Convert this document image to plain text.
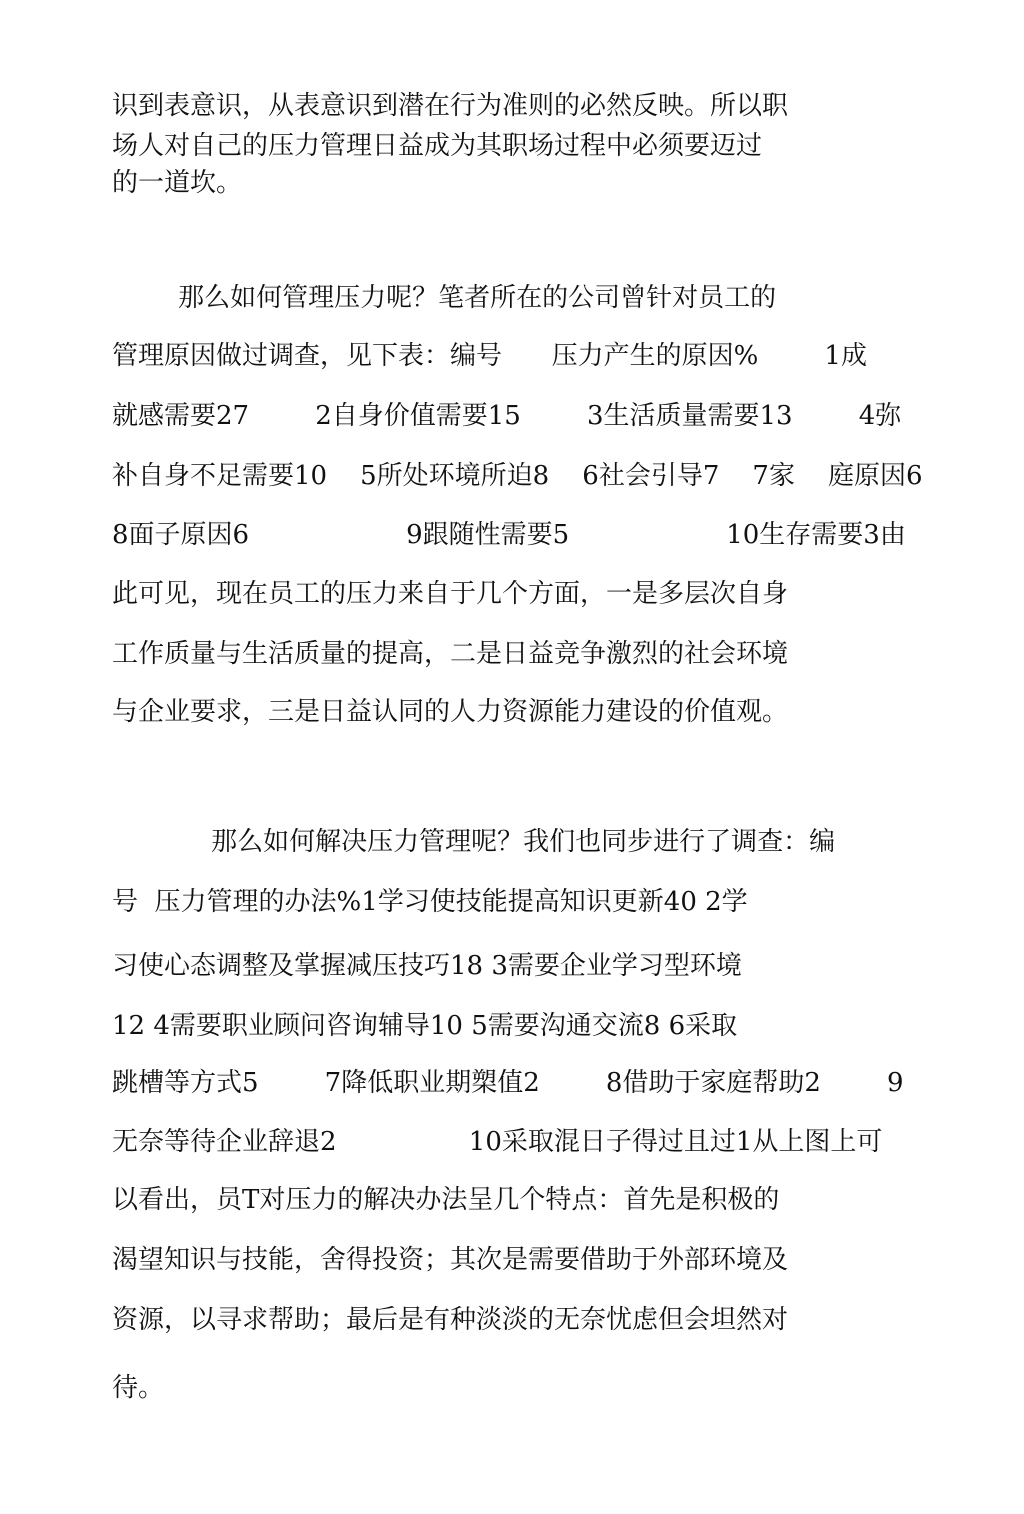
识到表意识，从表意识到潜在行为准则的必然反映。所以职

场人对自己的压力管理日益成为其职场过程中必须要迈过

的一道坎。

那么如何管理压力呢？笔者所在的公司曾针对员工的

管理原因做过调查，见下表：编号      压力产生的原因%        1成

就感需要27        2自身价值需要15        3生活质量需要13        4弥

补自身不足需要10    5所处环境所迫8    6社会引导7    7家    庭原因6

8面子原因6                   9跟随性需要5                   10生存需要3由

此可见，现在员工的压力来自于几个方面，一是多层次自身

工作质量与生活质量的提高，二是日益竞争激烈的社会环境

与企业要求，三是日益认同的人力资源能力建设的价值观。

那么如何解决压力管理呢？我们也同步进行了调查：编

号  压力管理的办法%1学习使技能提高知识更新40 2学

习使心态调整及掌握减压技巧18 3需要企业学习型环境

12 4需要职业顾问咨询辅导10 5需要沟通交流8 6采取

跳槽等方式5        7降低职业期槊值2        8借助于家庭帮助2        9

无奈等待企业辞退2                10采取混日子得过且过1从上图上可

以看出，员T对压力的解决办法呈几个特点：首先是积极的

渴望知识与技能，舍得投资；其次是需要借助于外部环境及

资源，以寻求帮助；最后是有种淡淡的无奈忧虑但会坦然对

待。
